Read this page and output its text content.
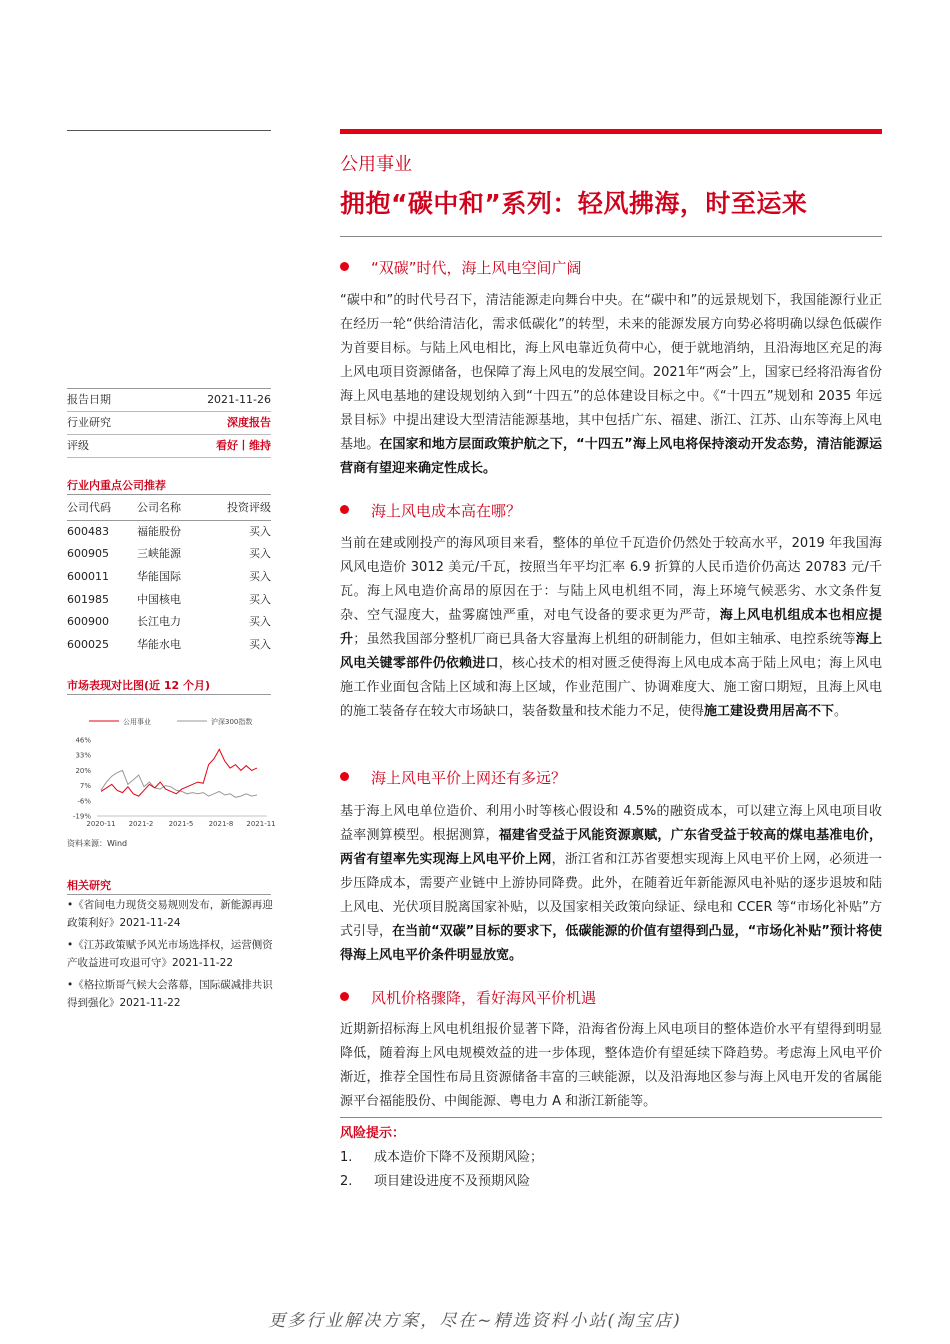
报告日期	2021-11-26
行业研究	深度报告
评级	看好丨维持
行业内重点公司推荐
公司代码	公司名称	投资评级
600483	福能股份	买入
600905	三峡能源	买入
600011	华能国际	买入
601985	中国核电	买入
600900	长江电力	买入
600025	华能水电	买入
市场表现对比图(近 12 个月)
公用事业	沪深300指数
46%
33%
20%
7%
-6%
-19%
2020-11 2021-2 2021-5 2021-8 2021-11
资料来源：Wind
相关研究

•《省间电力现货交易规则发布，新能源再迎政策利好》2021-11-24

•《江苏政策赋予风光市场选择权，运营侧资产收益进可攻退可守》2021-11-22

•《格拉斯哥气候大会落幕，国际碳减排共识得到强化》2021-11-22

公用事业
拥抱“碳中和”系列：轻风拂海，时至运来
“双碳”时代，海上风电空间广阔
“碳中和”的时代号召下，清洁能源走向舞台中央。在“碳中和”的远景规划下，我国能源行业正在经历一轮“供给清洁化，需求低碳化”的转型，未来的能源发展方向势必将明确以绿色低碳作为首要目标。与陆上风电相比，海上风电靠近负荷中心，便于就地消纳，且沿海地区充足的海上风电项目资源储备，也保障了海上风电的发展空间。2021年“两会”上，国家已经将沿海省份海上风电基地的建设规划纳入到“十四五”的总体建设目标之中。《“十四五”规划和 2035 年远景目标》中提出建设大型清洁能源基地，其中包括广东、福建、浙江、江苏、山东等海上风电基地。在国家和地方层面政策护航之下，“十四五”海上风电将保持滚动开发态势，清洁能源运营商有望迎来确定性成长。
海上风电成本高在哪？
当前在建或刚投产的海风项目来看，整体的单位千瓦造价仍然处于较高水平，2019 年我国海风风电造价 3012 美元/千瓦，按照当年平均汇率 6.9 折算的人民币造价仍高达 20783 元/千瓦。海上风电造价高昂的原因在于：与陆上风电机组不同，海上环境气候恶劣、水文条件复杂、空气湿度大，盐雾腐蚀严重，对电气设备的要求更为严苛，海上风电机组成本也相应提升；虽然我国部分整机厂商已具备大容量海上机组的研制能力，但如主轴承、电控系统等海上风电关键零部件仍依赖进口，核心技术的相对匮乏使得海上风电成本高于陆上风电；海上风电施工作业面包含陆上区域和海上区域，作业范围广、协调难度大、施工窗口期短，且海上风电的施工装备存在较大市场缺口，装备数量和技术能力不足，使得施工建设费用居高不下。
海上风电平价上网还有多远？
基于海上风电单位造价、利用小时等核心假设和 4.5%的融资成本，可以建立海上风电项目收益率测算模型。根据测算，福建省受益于风能资源禀赋，广东省受益于较高的煤电基准电价，两省有望率先实现海上风电平价上网，浙江省和江苏省要想实现海上风电平价上网，必须进一步压降成本，需要产业链中上游协同降费。此外，在随着近年新能源风电补贴的逐步退坡和陆上风电、光伏项目脱离国家补贴，以及国家相关政策向绿证、绿电和 CCER 等“市场化补贴”方式引导，在当前“双碳”目标的要求下，低碳能源的价值有望得到凸显，“市场化补贴”预计将使得海上风电平价条件明显放宽。
风机价格骤降，看好海风平价机遇
近期新招标海上风电机组报价显著下降，沿海省份海上风电项目的整体造价水平有望得到明显降低，随着海上风电规模效益的进一步体现，整体造价有望延续下降趋势。考虑海上风电平价渐近，推荐全国性布局且资源储备丰富的三峡能源，以及沿海地区参与海上风电开发的省属能源平台福能股份、中闽能源、粤电力 A 和浙江新能等。
风险提示：
1. 成本造价下降不及预期风险；
2. 项目建设进度不及预期风险
更多行业解决方案，尽在~精选资料小站(淘宝店)
